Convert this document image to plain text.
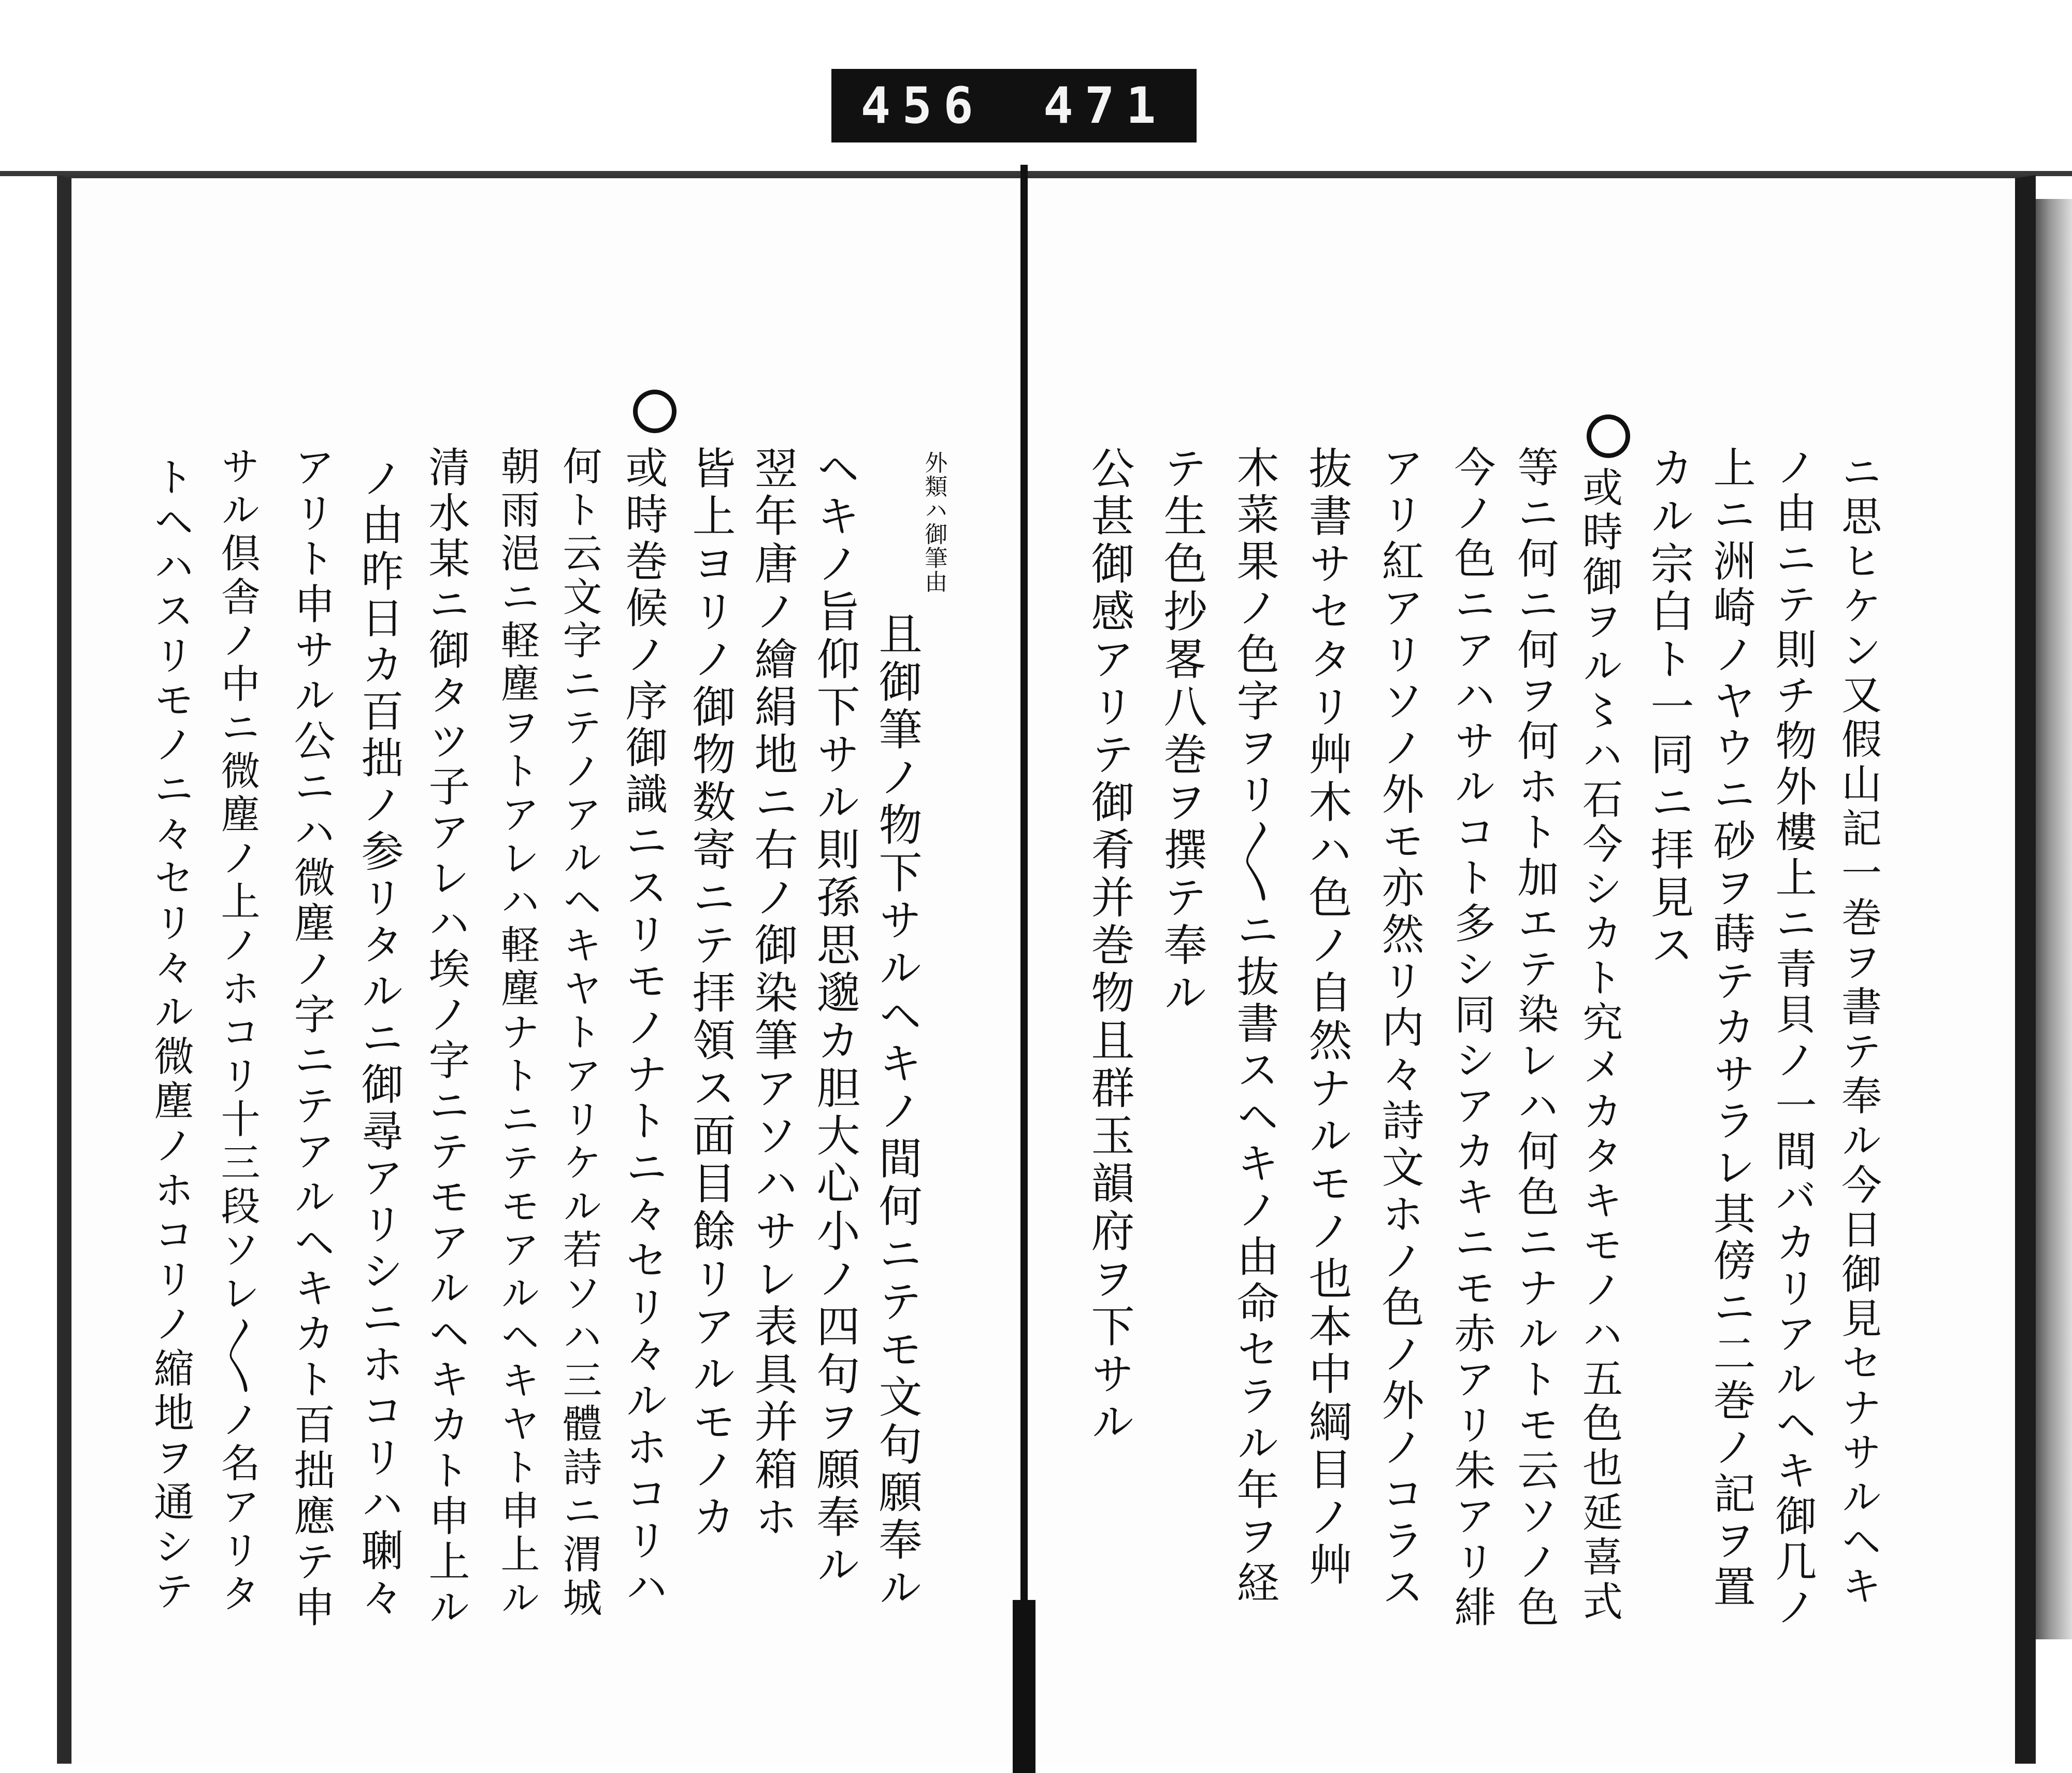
456 471
ニ思ヒケン又假山記一巻ヲ書テ奉ル今日御見セナサルヘキ
ノ由ニテ則チ物外樓上ニ青貝ノ一間バカリアルヘキ御几ノ
上ニ洲崎ノヤウニ砂ヲ蒔テカサラレ其傍ニ二巻ノ記ヲ置
カル宗白ト一同ニ拝見ス
或時御ヲル〻ハ石今シカト究メカタキモノハ五色也延喜式
等ニ何ニ何ヲ何ホト加エテ染レハ何色ニナルトモ云ソノ色
今ノ色ニアハサルコト多シ同シアカキニモ赤アリ朱アリ緋
アリ紅アリソノ外モ亦然リ内々詩文ホノ色ノ外ノコラス
抜書サセタリ艸木ハ色ノ自然ナルモノ也本中綱目ノ艸
木菜果ノ色字ヲリ〳〵ニ抜書スヘキノ由命セラル年ヲ経
テ生色抄畧八巻ヲ撰テ奉ル
公甚御感アリテ御肴并巻物且群玉韻府ヲ下サル
外類ハ御筆由
且御筆ノ物下サルヘキノ間何ニテモ文句願奉ル
ヘキノ旨仰下サル則孫思邈カ胆大心小ノ四句ヲ願奉ル
翌年唐ノ繪絹地ニ右ノ御染筆アソハサレ表具并箱ホ
皆上ヨリノ御物数寄ニテ拝領ス面目餘リアルモノカ
或時巻候ノ序御識ニスリモノナトニ々セリ々ルホコリハ
何ト云文字ニテノアルヘキヤトアリケル若ソハ三體詩ニ渭城
朝雨浥ニ軽塵ヲトアレハ軽塵ナトニテモアルヘキヤト申上ル
清水某ニ御タツ子アレハ埃ノ字ニテモアルヘキカト申上ル
ノ由昨日カ百拙ノ参リタルニ御尋アリシニホコリハ䏀々
アリト申サル公ニハ微塵ノ字ニテアルヘキカト百拙應テ申
サル倶舎ノ中ニ微塵ノ上ノホコリ十三段ソレ〳〵ノ名アリタ
トヘハスリモノニ々セリ々ル微塵ノホコリノ縮地ヲ通シテ
